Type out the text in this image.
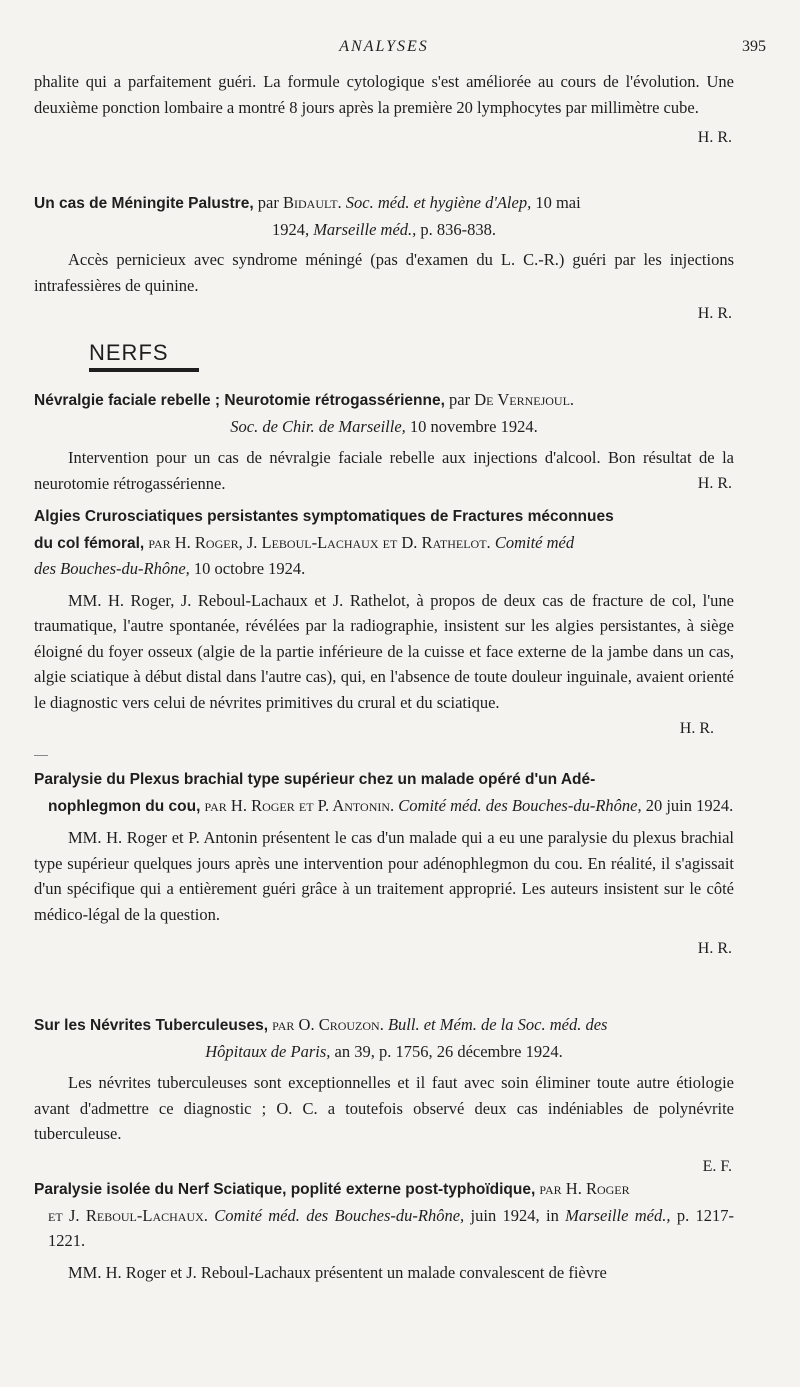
ANALYSES	395

phalite qui a parfaitement guéri. La formule cytologique s'est améliorée au cours de l'évolution. Une deuxième ponction lombaire a montré 8 jours après la première 20 lymphocytes par millimètre cube.

H. R.

Un cas de Méningite Palustre, par Bidault. Soc. méd. et hygiène d'Alep, 10 mai
1924, Marseille méd., p. 836-838.

Accès pernicieux avec syndrome méningé (pas d'examen du L. C.-R.) guéri par les injections intrafessières de quinine.

H. R.

NERFS
Névralgie faciale rebelle ; Neurotomie rétrogassérienne, par De Vernejoul.
Soc. de Chir. de Marseille, 10 novembre 1924.

Intervention pour un cas de névralgie faciale rebelle aux injections d'alcool. Bon résultat de la neurotomie rétrogassérienne.	H. R.

Algies Crurosciatiques persistantes symptomatiques de Fractures méconnues
du col fémoral, par H. Roger, J. Leboul-Lachaux et D. Rathelot. Comité méd
des Bouches-du-Rhône, 10 octobre 1924.

MM. H. Roger, J. Reboul-Lachaux et J. Rathelot, à propos de deux cas de fracture de col, l'une traumatique, l'autre spontanée, révélées par la radiographie, insistent sur les algies persistantes, à siège éloigné du foyer osseux (algie de la partie inférieure de la cuisse et face externe de la jambe dans un cas, algie sciatique à début distal dans l'autre cas), qui, en l'absence de toute douleur inguinale, avaient orienté le diagnostic vers celui de névrites primitives du crural et du sciatique.

H. R.

Paralysie du Plexus brachial type supérieur chez un malade opéré d'un Adé-
nophlegmon du cou, par H. Roger et P. Antonin. Comité méd. des Bouches-du-Rhône, 20 juin 1924.

MM. H. Roger et P. Antonin présentent le cas d'un malade qui a eu une paralysie du plexus brachial type supérieur quelques jours après une intervention pour adénophlegmon du cou. En réalité, il s'agissait d'un spécifique qui a entièrement guéri grâce à un traitement approprié. Les auteurs insistent sur le côté médico-légal de la question.

H. R.

Sur les Névrites Tuberculeuses, par O. Crouzon. Bull. et Mém. de la Soc. méd. des
Hôpitaux de Paris, an 39, p. 1756, 26 décembre 1924.

Les névrites tuberculeuses sont exceptionnelles et il faut avec soin éliminer toute autre étiologie avant d'admettre ce diagnostic ; O. C. a toutefois observé deux cas indéniables de polynévrite tuberculeuse.

E. F.

Paralysie isolée du Nerf Sciatique, poplité externe post-typhoïdique, par H. Roger
et J. Reboul-Lachaux. Comité méd. des Bouches-du-Rhône, juin 1924, in Marseille méd., p. 1217-1221.

MM. H. Roger et J. Reboul-Lachaux présentent un malade convalescent de fièvre
